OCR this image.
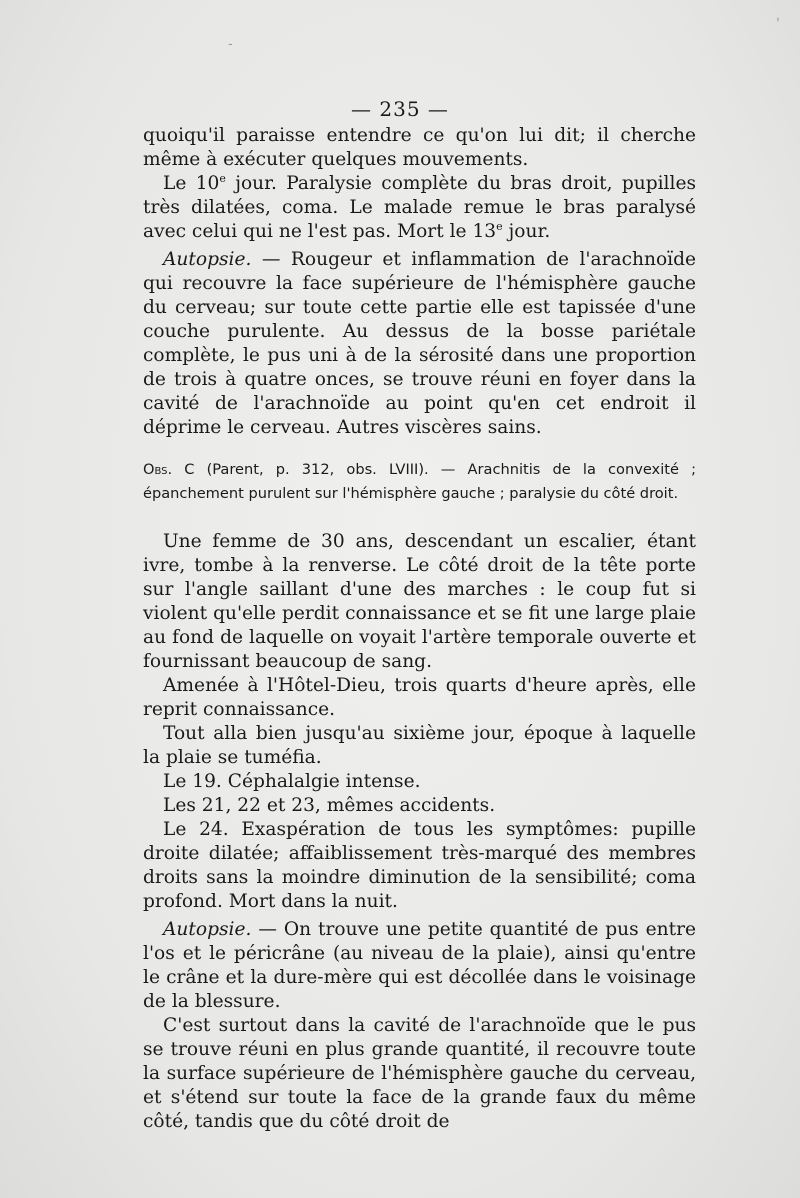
-
'
— 235 —

quoiqu'il paraisse entendre ce qu'on lui dit; il cherche même à exécuter quelques mouvements.

Le 10e jour. Paralysie complète du bras droit, pupilles très dilatées, coma. Le malade remue le bras paralysé avec celui qui ne l'est pas. Mort le 13e jour.

Autopsie. — Rougeur et inflammation de l'arachnoïde qui recouvre la face supérieure de l'hémisphère gauche du cerveau; sur toute cette partie elle est tapissée d'une couche purulente. Au dessus de la bosse pariétale complète, le pus uni à de la sérosité dans une proportion de trois à quatre onces, se trouve réuni en foyer dans la cavité de l'arachnoïde au point qu'en cet endroit il déprime le cerveau. Autres viscères sains.

Obs. C (Parent, p. 312, obs. LVIII). — Arachnitis de la convexité ; épanchement purulent sur l'hémisphère gauche ; paralysie du côté droit.

Une femme de 30 ans, descendant un escalier, étant ivre, tombe à la renverse. Le côté droit de la tête porte sur l'angle saillant d'une des marches : le coup fut si violent qu'elle perdit connaissance et se fit une large plaie au fond de laquelle on voyait l'artère temporale ouverte et fournissant beaucoup de sang.

Amenée à l'Hôtel-Dieu, trois quarts d'heure après, elle reprit connaissance.

Tout alla bien jusqu'au sixième jour, époque à laquelle la plaie se tuméfia.

Le 19. Céphalalgie intense.

Les 21, 22 et 23, mêmes accidents.

Le 24. Exaspération de tous les symptômes: pupille droite dilatée; affaiblissement très-marqué des membres droits sans la moindre diminution de la sensibilité; coma profond. Mort dans la nuit.

Autopsie. — On trouve une petite quantité de pus entre l'os et le péricrâne (au niveau de la plaie), ainsi qu'entre le crâne et la dure-mère qui est décollée dans le voisinage de la blessure.

C'est surtout dans la cavité de l'arachnoïde que le pus se trouve réuni en plus grande quantité, il recouvre toute la surface supérieure de l'hémisphère gauche du cerveau, et s'étend sur toute la face de la grande faux du même côté, tandis que du côté droit de
